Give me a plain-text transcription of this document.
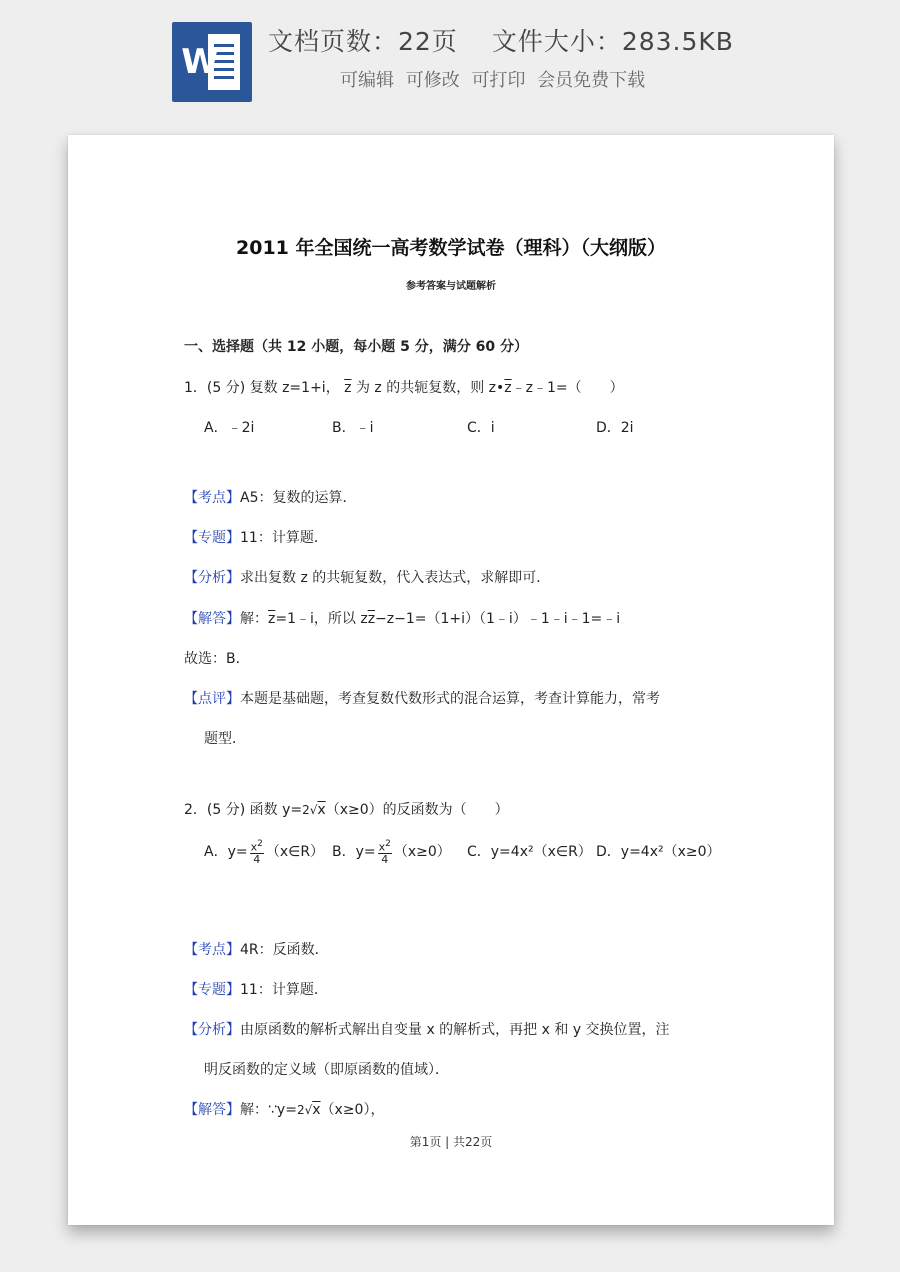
W
文档页数：22页 文件大小：283.5KB
可编辑 可修改 可打印 会员免费下载
2011 年全国统一高考数学试卷（理科）（大纲版）
参考答案与试题解析
一、选择题（共 12 小题，每小题 5 分，满分 60 分）
1．(5 分) 复数 z=1+i， $\overline{z}$ 为 z 的共轭复数，则 $z•\overline{z}﹣z﹣1=$（　　）
A．﹣2i	B．﹣i	C．i	D．2i
【考点】A5：复数的运算．
【专题】11：计算题．
【分析】求出复数 z 的共轭复数，代入表达式，求解即可．
【解答】解：$\overline{z}=1﹣i$，所以 $z\overline{z}-z-1=(1+i)(1﹣i)﹣1﹣i﹣1=﹣i$
故选：B．
【点评】本题是基础题，考查复数代数形式的混合运算，考查计算能力，常考
题型．
2．(5 分) 函数 y=2√x（x≥0）的反函数为（　　）
A．$y= \frac{x^2}{4}$ （x∈R） B．$y= \frac{x^2}{4} (x\ge 0)$ C．y=4x²（x∈R） D．y=4x²（x≥0）
【考点】4R：反函数．
【专题】11：计算题．
【分析】由原函数的解析式解出自变量 x 的解析式，再把 x 和 y 交换位置，注
明反函数的定义域（即原函数的值域）．
【解答】解：∵y=2√x（x≥0），
第1页 | 共22页
